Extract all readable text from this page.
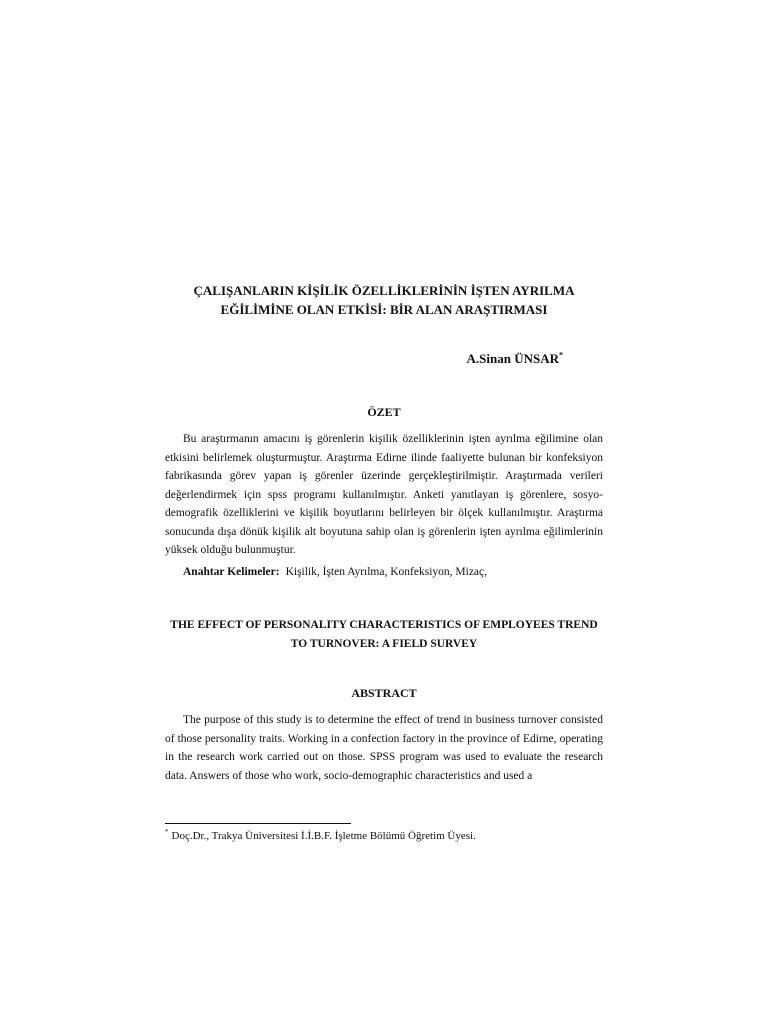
ÇALIŞANLARIN KİŞİLİK ÖZELLİKLERİNİN İŞTEN AYRILMA
EĞİLİMİNE OLAN ETKİSİ: BİR ALAN ARAŞTIRMASI

A.Sinan ÜNSAR*

ÖZET

Bu araştırmanın amacını iş görenlerin kişilik özelliklerinin işten ayrılma eğilimine olan etkisini belirlemek oluşturmuştur. Araştırma Edirne ilinde faaliyette bulunan bir konfeksiyon fabrikasında görev yapan iş görenler üzerinde gerçekleştirilmiştir. Araştırmada verileri değerlendirmek için spss programı kullanılmıştır. Anketi yanıtlayan iş görenlere, sosyo-demografik özelliklerini ve kişilik boyutlarını belirleyen bir ölçek kullanılmıştır. Araştırma sonucunda dışa dönük kişilik alt boyutuna sahip olan iş görenlerin işten ayrılma eğilimlerinin yüksek olduğu bulunmuştur.

Anahtar Kelimeler: Kişilik, İşten Ayrılma, Konfeksiyon, Mizaç,

THE EFFECT OF PERSONALITY CHARACTERISTICS OF EMPLOYEES TREND
TO TURNOVER: A FIELD SURVEY
ABSTRACT

The purpose of this study is to determine the effect of trend in business turnover consisted of those personality traits. Working in a confection factory in the province of Edirne, operating in the research work carried out on those. SPSS program was used to evaluate the research data. Answers of those who work, socio-demographic characteristics and used a

* Doç.Dr., Trakya Üniversitesi İ.İ.B.F. İşletme Bölümü Öğretim Üyesi.
